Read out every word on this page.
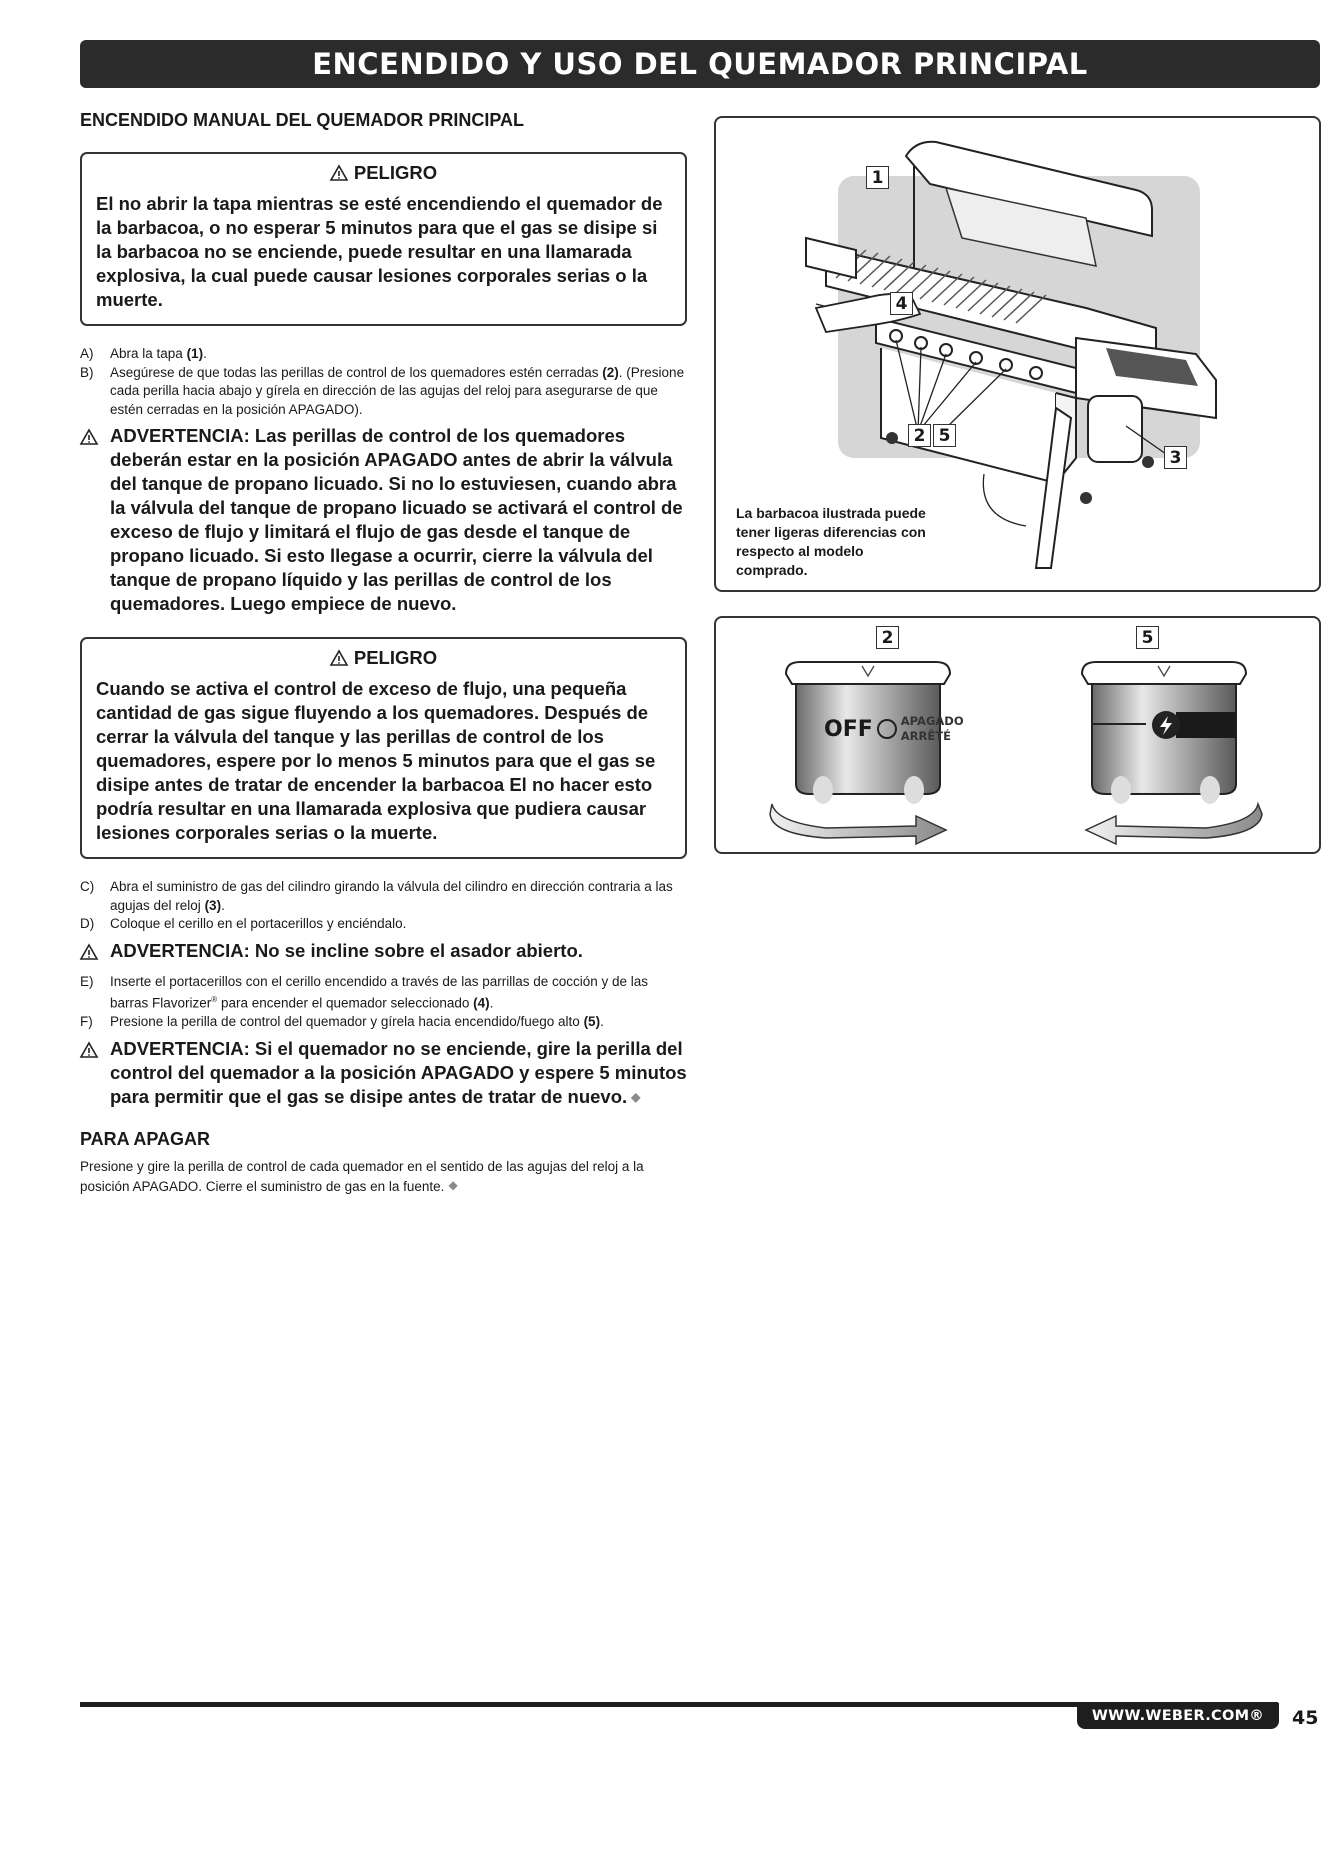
ENCENDIDO Y USO DEL QUEMADOR PRINCIPAL
ENCENDIDO MANUAL DEL QUEMADOR PRINCIPAL
PELIGRO
El no abrir la tapa mientras se esté encendiendo el quemador de la barbacoa, o no esperar 5 minutos para que el gas se disipe si la barbacoa no se enciende, puede resultar en una llamarada explosiva, la cual puede causar lesiones corporales serias o la muerte.
A)	Abra la tapa (1).
B)	Asegúrese de que todas las perillas de control de los quemadores estén cerradas (2). (Presione cada perilla hacia abajo y gírela en dirección de las agujas del reloj para asegurarse de que estén cerradas en la posición APAGADO).
ADVERTENCIA: Las perillas de control de los quemadores deberán estar en la posición APAGADO antes de abrir la válvula del tanque de propano licuado. Si no lo estuviesen, cuando abra la válvula del tanque de propano licuado se activará el control de exceso de flujo y limitará el flujo de gas desde el tanque de propano licuado. Si esto llegase a ocurrir, cierre la válvula del tanque de propano líquido y las perillas de control de los quemadores. Luego empiece de nuevo.
PELIGRO
Cuando se activa el control de exceso de flujo, una pequeña cantidad de gas sigue fluyendo a los quemadores. Después de cerrar la válvula del tanque y las perillas de control de los quemadores, espere por lo menos 5 minutos para que el gas se disipe antes de tratar de encender la barbacoa El no hacer esto podría resultar en una llamarada explosiva que pudiera causar lesiones corporales serias o la muerte.
C)	Abra el suministro de gas del cilindro girando la válvula del cilindro en dirección contraria a las agujas del reloj (3).
D)	Coloque el cerillo en el portacerillos y enciéndalo.
ADVERTENCIA: No se incline sobre el asador abierto.
E)	Inserte el portacerillos con el cerillo encendido a través de las parrillas de cocción y de las barras Flavorizer® para encender el quemador seleccionado (4).
F)	Presione la perilla de control del quemador y gírela hacia encendido/fuego alto (5).
ADVERTENCIA: Si el quemador no se enciende, gire la perilla del control del quemador a la posición APAGADO y espere 5 minutos para permitir que el gas se disipe antes de tratar de nuevo. ◆
PARA APAGAR
Presione y gire la perilla de control de cada quemador en el sentido de las agujas del reloj a la posición APAGADO. Cierre el suministro de gas en la fuente. ◆
1
4
2 5
3
La barbacoa ilustrada puede tener ligeras diferencias con respecto al modelo comprado.
2	5
OFF APAGADO
ARRÊTÉ
WWW.WEBER.COM®	45
